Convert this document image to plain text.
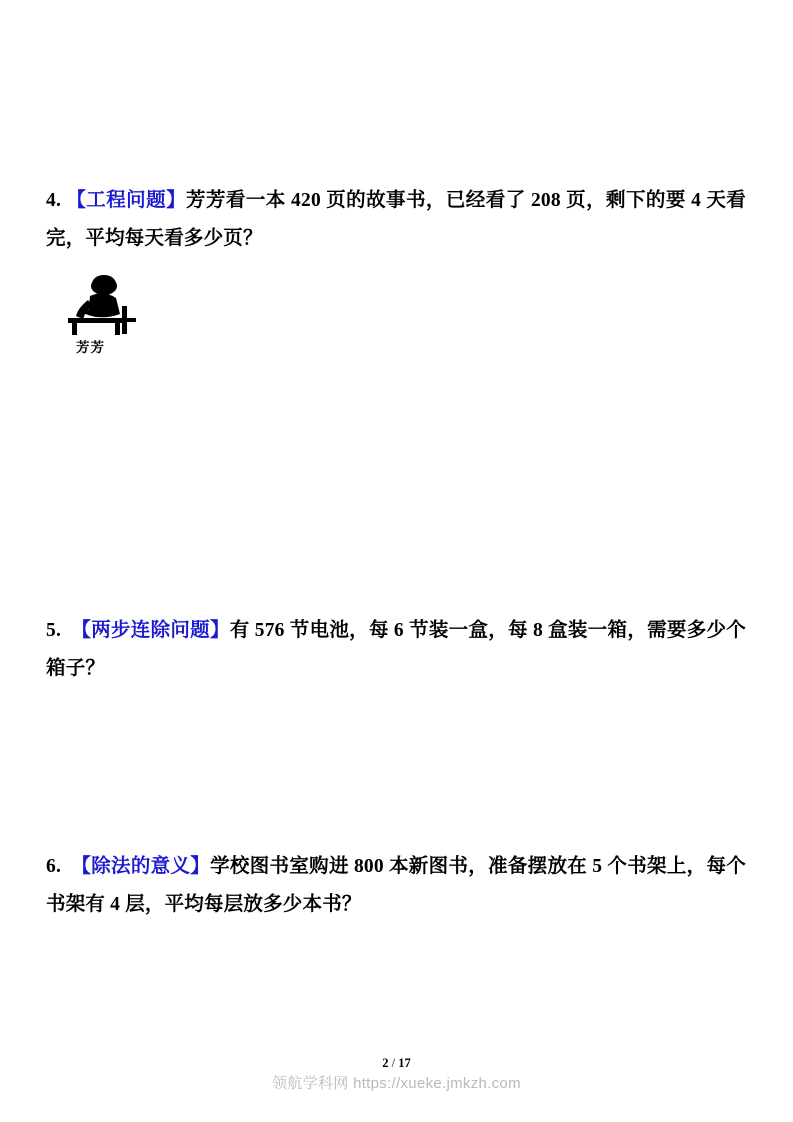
4. 【工程问题】芳芳看一本 420 页的故事书，已经看了 208 页，剩下的要 4 天看完，平均每天看多少页？
芳芳
5. 【两步连除问题】有 576 节电池，每 6 节装一盒，每 8 盒装一箱，需要多少个箱子？
6. 【除法的意义】学校图书室购进 800 本新图书，准备摆放在 5 个书架上，每个书架有 4 层，平均每层放多少本书？
2 / 17
领航学科网 https://xueke.jmkzh.com
